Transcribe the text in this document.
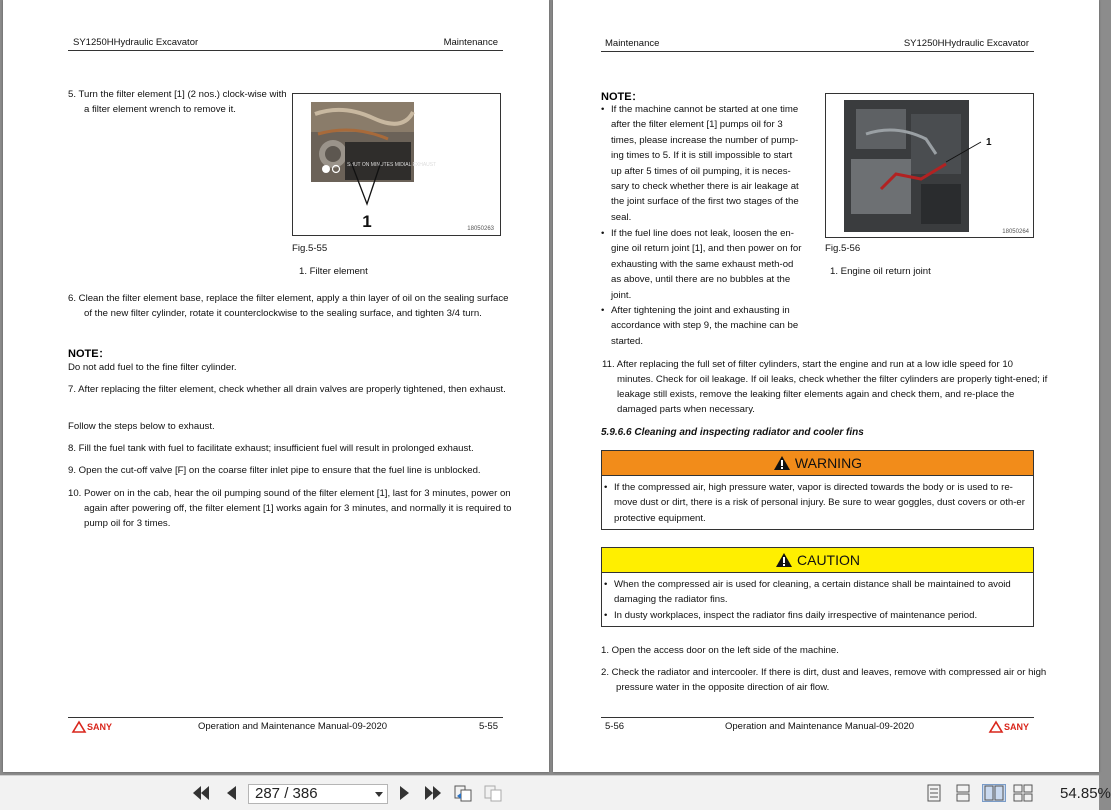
SY1250HHydraulic Excavator	Maintenance
5. Turn the filter element [1] (2 nos.) clock-wise with a filter element wrench to remove it.
SHUT ON MINUTES MIDIAL EXHAUST
1	18050263
Fig.5-55
1. Filter element
6. Clean the filter element base, replace the filter element, apply a thin layer of oil on the sealing surface of the new filter cylinder, rotate it counterclockwise to the sealing surface, and tighten 3/4 turn.
NOTE：
Do not add fuel to the fine filter cylinder.
7. After replacing the filter element, check whether all drain valves are properly tightened, then exhaust.
Follow the steps below to exhaust.
8. Fill the fuel tank with fuel to facilitate exhaust; insufficient fuel will result in prolonged exhaust.
9. Open the cut-off valve [F] on the coarse filter inlet pipe to ensure that the fuel line is unblocked.
10. Power on in the cab, hear the oil pumping sound of the filter element [1], last for 3 minutes, power on again after powering off, the filter element [1] works again for 3 minutes, and normally it is required to pump oil for 3 times.
SANY	Operation and Maintenance Manual-09-2020	5-55
Maintenance	SY1250HHydraulic Excavator
NOTE：
• If the machine cannot be started at one time after the filter element [1] pumps oil for 3 times, please increase the number of pump-ing times to 5. If it is still impossible to start up after 5 times of oil pumping, it is neces-sary to check whether there is air leakage at the joint surface of the first two stages of the seal.
• If the fuel line does not leak, loosen the en-gine oil return joint [1], and then power on for exhausting with the same exhaust meth-od as above, until there are no bubbles at the joint.
• After tightening the joint and exhausting in accordance with step 9, the machine can be started.
1
18050264
Fig.5-56
1. Engine oil return joint
11. After replacing the full set of filter cylinders, start the engine and run at a low idle speed for 10 minutes. Check for oil leakage. If oil leaks, check whether the filter cylinders are properly tight-ened; if leakage still exists, remove the leaking filter elements again and check them, and re-place the damaged parts when necessary.
5.9.6.6 Cleaning and inspecting radiator and cooler fins
WARNING
• If the compressed air, high pressure water, vapor is directed towards the body or is used to re-move dust or dirt, there is a risk of personal injury. Be sure to wear goggles, dust covers or oth-er protective equipment.
CAUTION
• When the compressed air is used for cleaning, a certain distance shall be maintained to avoid damaging the radiator fins.
• In dusty workplaces, inspect the radiator fins daily irrespective of maintenance period.
1. Open the access door on the left side of the machine.
2. Check the radiator and intercooler. If there is dirt, dust and leaves, remove with compressed air or high pressure water in the opposite direction of air flow.
5-56	Operation and Maintenance Manual-09-2020	SANY
287 / 386	54.85%
